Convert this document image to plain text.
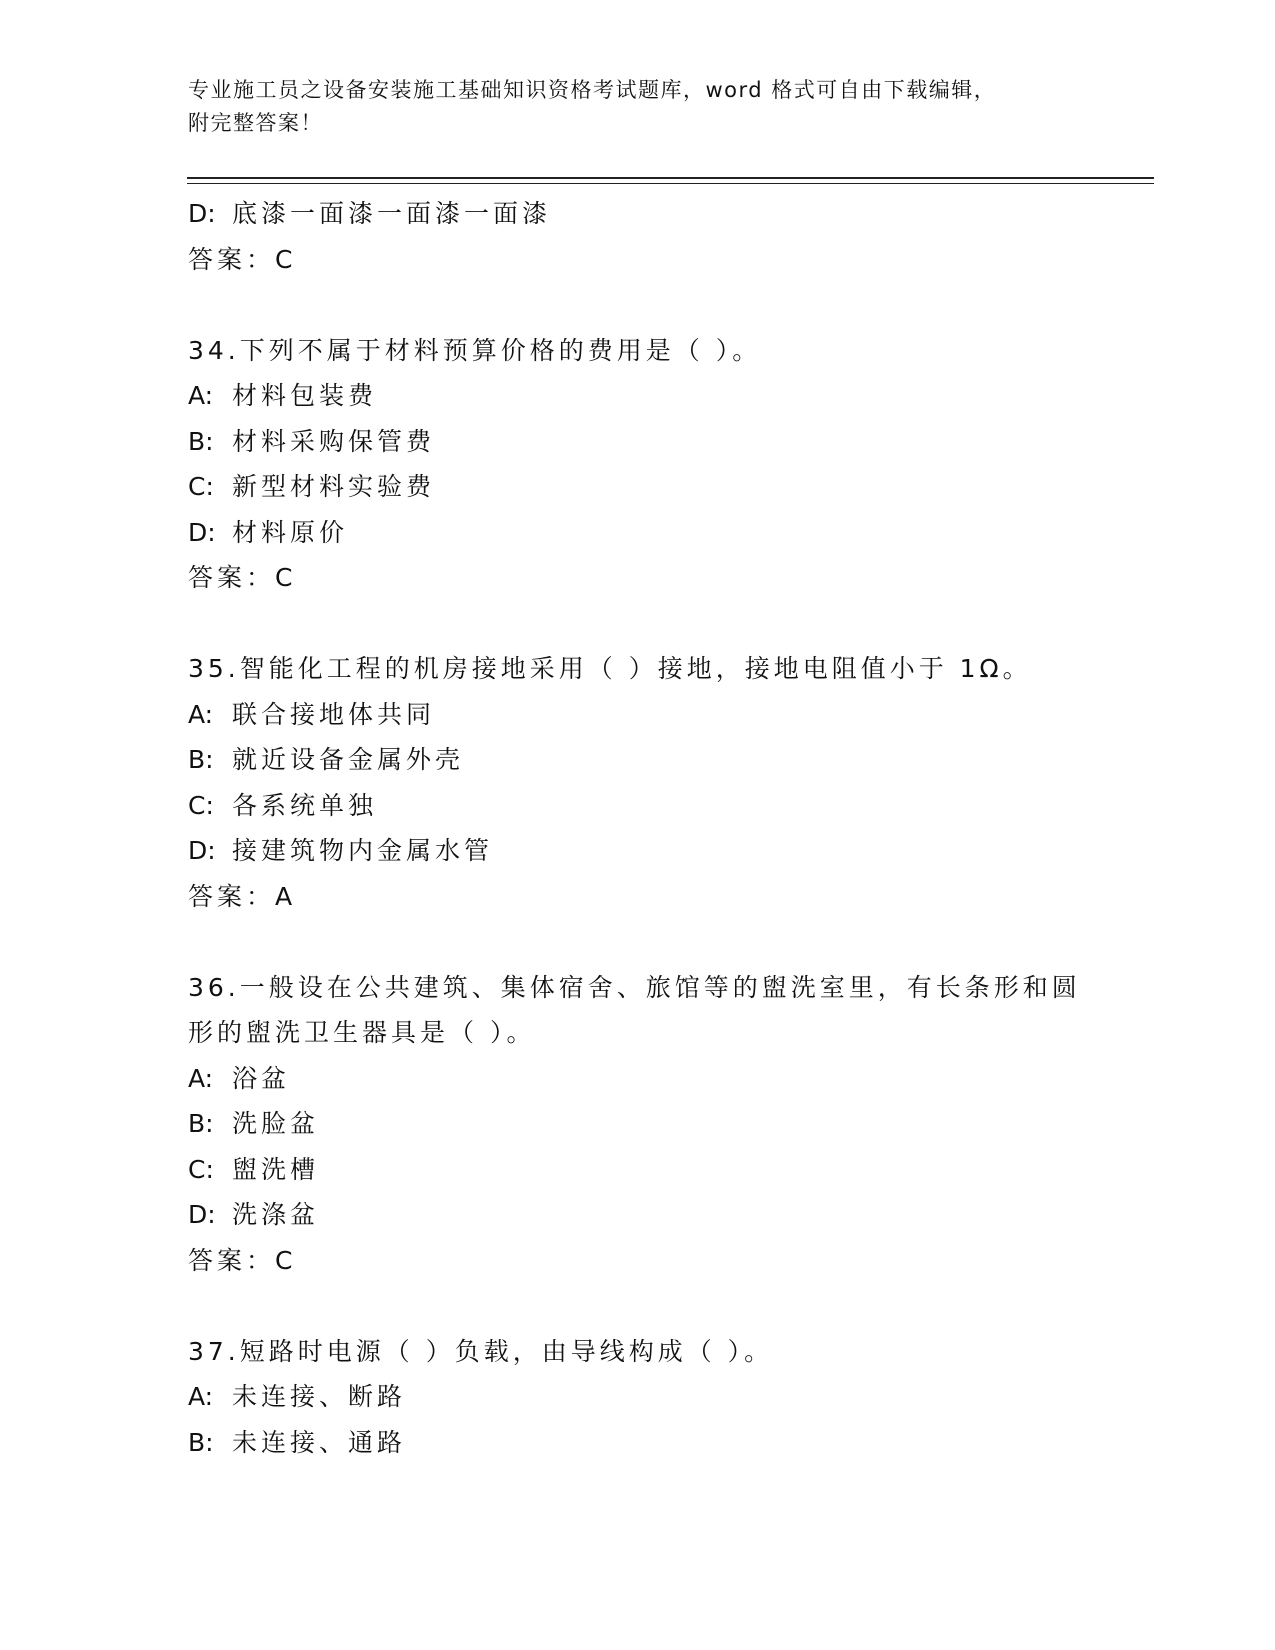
专业施工员之设备安装施工基础知识资格考试题库，word 格式可自由下载编辑，
附完整答案！
D: 底漆一面漆一面漆一面漆
答案：C
34.下列不属于材料预算价格的费用是（ ）。
A: 材料包装费
B: 材料采购保管费
C: 新型材料实验费
D: 材料原价
答案：C
35.智能化工程的机房接地采用（ ）接地，接地电阻值小于 1Ω。
A: 联合接地体共同
B: 就近设备金属外壳
C: 各系统单独
D: 接建筑物内金属水管
答案：A
36.一般设在公共建筑、集体宿舍、旅馆等的盥洗室里，有长条形和圆
形的盥洗卫生器具是（ ）。
A: 浴盆
B: 洗脸盆
C: 盥洗槽
D: 洗涤盆
答案：C
37.短路时电源（ ）负载，由导线构成（ ）。
A: 未连接、断路
B: 未连接、通路
